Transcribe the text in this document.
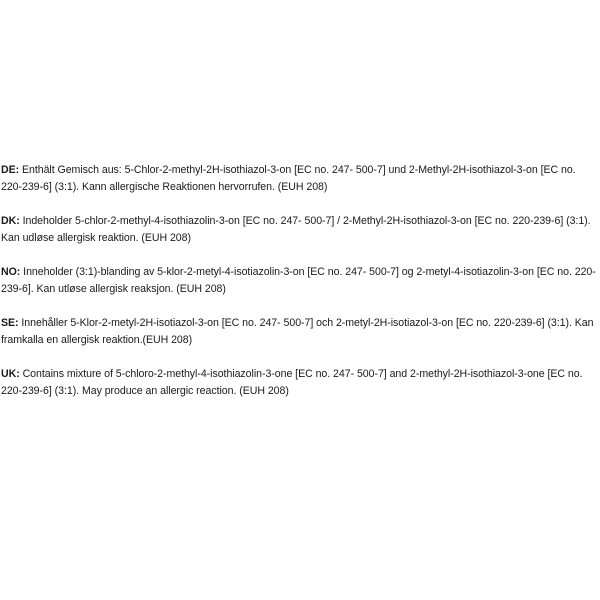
DE: Enthält Gemisch aus: 5-Chlor-2-methyl-2H-isothiazol-3-on [EC no. 247- 500-7] und 2-Methyl-2H-isothiazol-3-on [EC no. 220-239-6] (3:1). Kann allergische Reaktionen hervorrufen. (EUH 208)

DK: Indeholder 5-chlor-2-methyl-4-isothiazolin-3-on [EC no. 247- 500-7] / 2-Methyl-2H-isothiazol-3-on [EC no. 220-239-6] (3:1). Kan udløse allergisk reaktion. (EUH 208)

NO: Inneholder (3:1)-blanding av 5-klor-2-metyl-4-isotiazolin-3-on [EC no. 247- 500-7] og 2-metyl-4-isotiazolin-3-on [EC no. 220-239-6]. Kan utløse allergisk reaksjon. (EUH 208)

SE: Innehåller 5-Klor-2-metyl-2H-isotiazol-3-on [EC no. 247- 500-7] och 2-metyl-2H-isotiazol-3-on [EC no. 220-239-6] (3:1). Kan framkalla en allergisk reaktion.(EUH 208)

UK: Contains mixture of 5-chloro-2-methyl-4-isothiazolin-3-one [EC no. 247- 500-7] and 2-methyl-2H-isothiazol-3-one [EC no. 220-239-6] (3:1). May produce an allergic reaction. (EUH 208)
